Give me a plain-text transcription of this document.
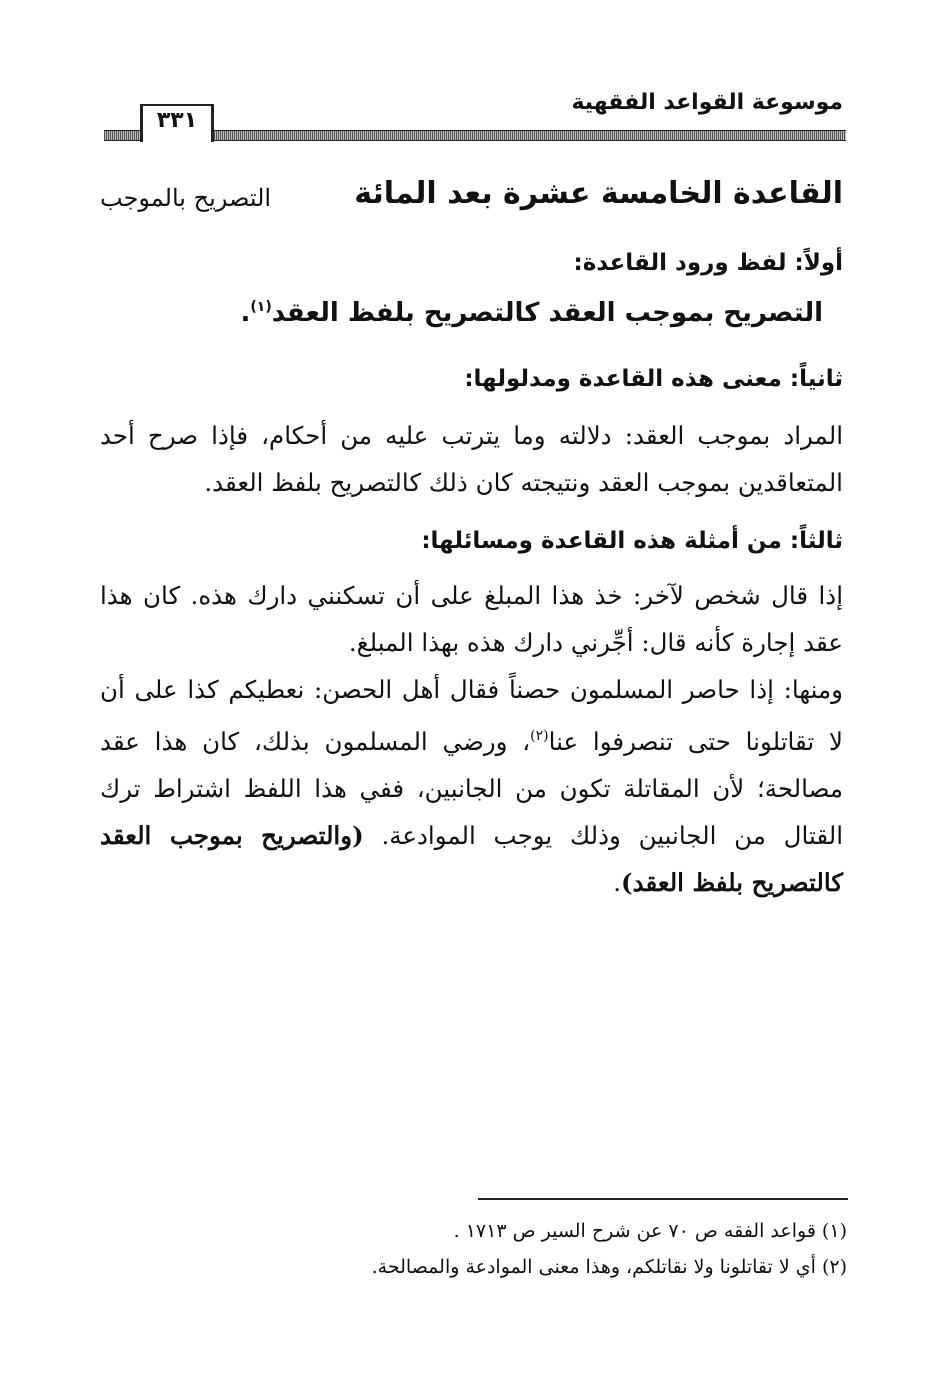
٣٣١
موسوعة القواعد الفقهية
القاعدة الخامسة عشرة بعد المائة
التصريح بالموجب
أولاً: لفظ ورود القاعدة:
التصريح بموجب العقد كالتصريح بلفظ العقد$^{(١)}$.
ثانياً: معنى هذه القاعدة ومدلولها:
المراد بموجب العقد: دلالته وما يترتب عليه من أحكام، فإذا صرح أحد المتعاقدين بموجب العقد ونتيجته كان ذلك كالتصريح بلفظ العقد.
ثالثاً: من أمثلة هذه القاعدة ومسائلها:
إذا قال شخص لآخر: خذ هذا المبلغ على أن تسكنني دارك هذه. كان هذا عقد إجارة كأنه قال: أجِّرني دارك هذه بهذا المبلغ.
ومنها: إذا حاصر المسلمون حصناً فقال أهل الحصن: نعطيكم كذا على أن لا تقاتلونا حتى تنصرفوا عنا$^{(٢)}$، ورضي المسلمون بذلك، كان هذا عقد مصالحة؛ لأن المقاتلة تكون من الجانبين، ففي هذا اللفظ اشتراط ترك القتال من الجانبين وذلك يوجب الموادعة. (والتصريح بموجب العقد كالتصريح بلفظ العقد).
(١) قواعد الفقه ص ٧٠ عن شرح السير ص ١٧١٣ .
(٢) أي لا تقاتلونا ولا نقاتلكم، وهذا معنى الموادعة والمصالحة.
